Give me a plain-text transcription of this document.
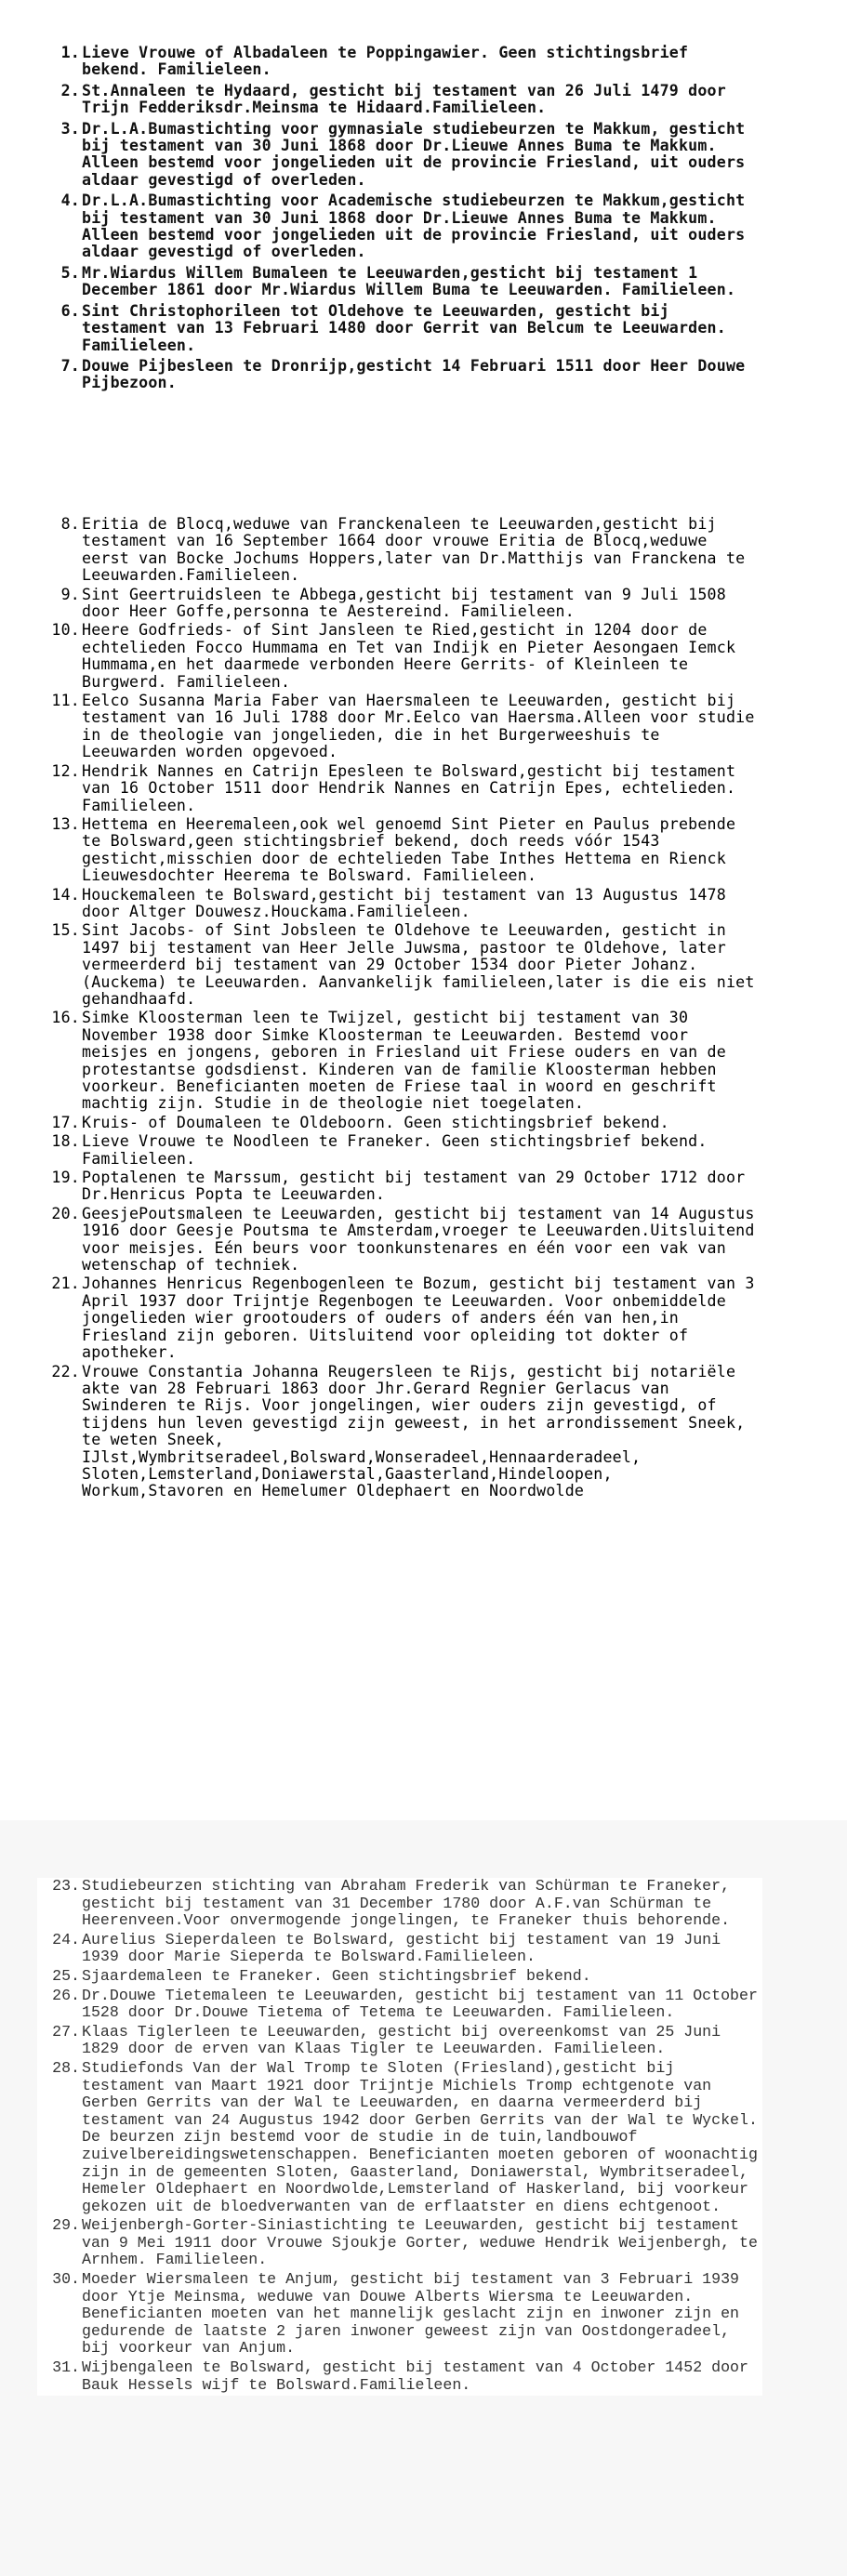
1. Lieve Vrouwe of Albadaleen te Poppingawier. Geen stichtingsbrief bekend. Familieleen.
2. St.Annaleen te Hydaard, gesticht bij testament van 26 Juli 1479 door Trijn Fedderiksdr.Meinsma te Hidaard.Familieleen.
3. Dr.L.A.Bumastichting voor gymnasiale studiebeurzen te Makkum, gesticht bij testament van 30 Juni 1868 door Dr.Lieuwe Annes Buma te Makkum. Alleen bestemd voor jongelieden uit de provincie Friesland, uit ouders aldaar gevestigd of overleden.
4. Dr.L.A.Bumastichting voor Academische studiebeurzen te Makkum,gesticht bij testament van 30 Juni 1868 door Dr.Lieuwe Annes Buma te Makkum. Alleen bestemd voor jongelieden uit de provincie Friesland, uit ouders aldaar gevestigd of overleden.
5. Mr.Wiardus Willem Bumaleen te Leeuwarden,gesticht bij testament 1 December 1861 door Mr.Wiardus Willem Buma te Leeuwarden. Familieleen.
6. Sint Christophorileen tot Oldehove te Leeuwarden, gesticht bij testament van 13 Februari 1480 door Gerrit van Belcum te Leeuwarden. Familieleen.
7. Douwe Pijbesleen te Dronrijp,gesticht 14 Februari 1511 door Heer Douwe Pijbezoon.
8. Eritia de Blocq,weduwe van Franckenaleen te Leeuwarden,gesticht bij testament van 16 September 1664 door vrouwe Eritia de Blocq,weduwe eerst van Bocke Jochums Hoppers,later van Dr.Matthijs van Franckena te Leeuwarden.Familieleen.
9. Sint Geertruidsleen te Abbega,gesticht bij testament van 9 Juli 1508 door Heer Goffe,personna te Aestereind. Familieleen.
10. Heere Godfrieds- of Sint Jansleen te Ried,gesticht in 1204 door de echtelieden Focco Hummama en Tet van Indijk en Pieter Aesongaen Iemck Hummama,en het daarmede verbonden Heere Gerrits- of Kleinleen te Burgwerd. Familieleen.
11. Eelco Susanna Maria Faber van Haersmaleen te Leeuwarden, gesticht bij testament van 16 Juli 1788 door Mr.Eelco van Haersma.Alleen voor studie in de theologie van jongelieden, die in het Burgerweeshuis te Leeuwarden worden opgevoed.
12. Hendrik Nannes en Catrijn Epesleen te Bolsward,gesticht bij testament van 16 October 1511 door Hendrik Nannes en Catrijn Epes, echtelieden. Familieleen.
13. Hettema en Heeremaleen,ook wel genoemd Sint Pieter en Paulus prebende te Bolsward,geen stichtingsbrief bekend, doch reeds vóór 1543 gesticht,misschien door de echtelieden Tabe Inthes Hettema en Rienck Lieuwesdochter Heerema te Bolsward. Familieleen.
14. Houckemaleen te Bolsward,gesticht bij testament van 13 Augustus 1478 door Altger Douwesz.Houckama.Familieleen.
15. Sint Jacobs- of Sint Jobsleen te Oldehove te Leeuwarden, gesticht in 1497 bij testament van Heer Jelle Juwsma, pastoor te Oldehove, later vermeerderd bij testament van 29 October 1534 door Pieter Johanz.(Auckema) te Leeuwarden. Aanvankelijk familieleen,later is die eis niet gehandhaafd.
16. Simke Kloosterman leen te Twijzel, gesticht bij testament van 30 November 1938 door Simke Kloosterman te Leeuwarden. Bestemd voor meisjes en jongens, geboren in Friesland uit Friese ouders en van de protestantse godsdienst. Kinderen van de familie Kloosterman hebben voorkeur. Beneficianten moeten de Friese taal in woord en geschrift machtig zijn. Studie in de theologie niet toegelaten.
17. Kruis- of Doumaleen te Oldeboorn. Geen stichtingsbrief bekend.
18. Lieve Vrouwe te Noodleen te Franeker. Geen stichtingsbrief bekend. Familieleen.
19. Poptalenen te Marssum, gesticht bij testament van 29 October 1712 door Dr.Henricus Popta te Leeuwarden.
20. GeesjePoutsmaleen te Leeuwarden, gesticht bij testament van 14 Augustus 1916 door Geesje Poutsma te Amsterdam,vroeger te Leeuwarden.Uitsluitend voor meisjes. Eén beurs voor toonkunstenares en één voor een vak van wetenschap of techniek.
21. Johannes Henricus Regenbogenleen te Bozum, gesticht bij testament van 3 April 1937 door Trijntje Regenbogen te Leeuwarden. Voor onbemiddelde jongelieden wier grootouders of ouders of anders één van hen,in Friesland zijn geboren. Uitsluitend voor opleiding tot dokter of apotheker.
22. Vrouwe Constantia Johanna Reugersleen te Rijs, gesticht bij notariële akte van 28 Februari 1863 door Jhr.Gerard Regnier Gerlacus van Swinderen te Rijs. Voor jongelingen, wier ouders zijn gevestigd, of tijdens hun leven gevestigd zijn geweest, in het arrondissement Sneek, te weten Sneek, IJlst,Wymbritseradeel,Bolsward,Wonseradeel,Hennaarderadeel, Sloten,Lemsterland,Doniawerstal,Gaasterland,Hindeloopen, Workum,Stavoren en Hemelumer Oldephaert en Noordwolde
23. Studiebeurzen stichting van Abraham Frederik van Schürman te Franeker, gesticht bij testament van 31 December 1780 door A.F.van Schürman te Heerenveen.Voor onvermogende jongelingen, te Franeker thuis behorende.
24. Aurelius Sieperdaleen te Bolsward, gesticht bij testament van 19 Juni 1939 door Marie Sieperda te Bolsward.Familieleen.
25. Sjaardemaleen te Franeker. Geen stichtingsbrief bekend.
26. Dr.Douwe Tietemaleen te Leeuwarden, gesticht bij testament van 11 October 1528 door Dr.Douwe Tietema of Tetema te Leeuwarden. Familieleen.
27. Klaas Tiglerleen te Leeuwarden, gesticht bij overeenkomst van 25 Juni 1829 door de erven van Klaas Tigler te Leeuwarden. Familieleen.
28. Studiefonds Van der Wal Tromp te Sloten (Friesland),gesticht bij testament van Maart 1921 door Trijntje Michiels Tromp echtgenote van Gerben Gerrits van der Wal te Leeuwarden, en daarna vermeerderd bij testament van 24 Augustus 1942 door Gerben Gerrits van der Wal te Wyckel. De beurzen zijn bestemd voor de studie in de tuin,landbouwof zuivelbereidingswetenschappen. Beneficianten moeten geboren of woonachtig zijn in de gemeenten Sloten, Gaasterland, Doniawerstal, Wymbritseradeel, Hemeler Oldephaert en Noordwolde,Lemsterland of Haskerland, bij voorkeur gekozen uit de bloedverwanten van de erflaatster en diens echtgenoot.
29. Weijenbergh-Gorter-Siniastichting te Leeuwarden, gesticht bij testament van 9 Mei 1911 door Vrouwe Sjoukje Gorter, weduwe Hendrik Weijenbergh, te Arnhem. Familieleen.
30. Moeder Wiersmaleen te Anjum, gesticht bij testament van 3 Februari 1939 door Ytje Meinsma, weduwe van Douwe Alberts Wiersma te Leeuwarden. Beneficianten moeten van het mannelijk geslacht zijn en inwoner zijn en gedurende de laatste 2 jaren inwoner geweest zijn van Oostdongeradeel, bij voorkeur van Anjum.
31. Wijbengaleen te Bolsward, gesticht bij testament van 4 October 1452 door Bauk Hessels wijf te Bolsward.Familieleen.
